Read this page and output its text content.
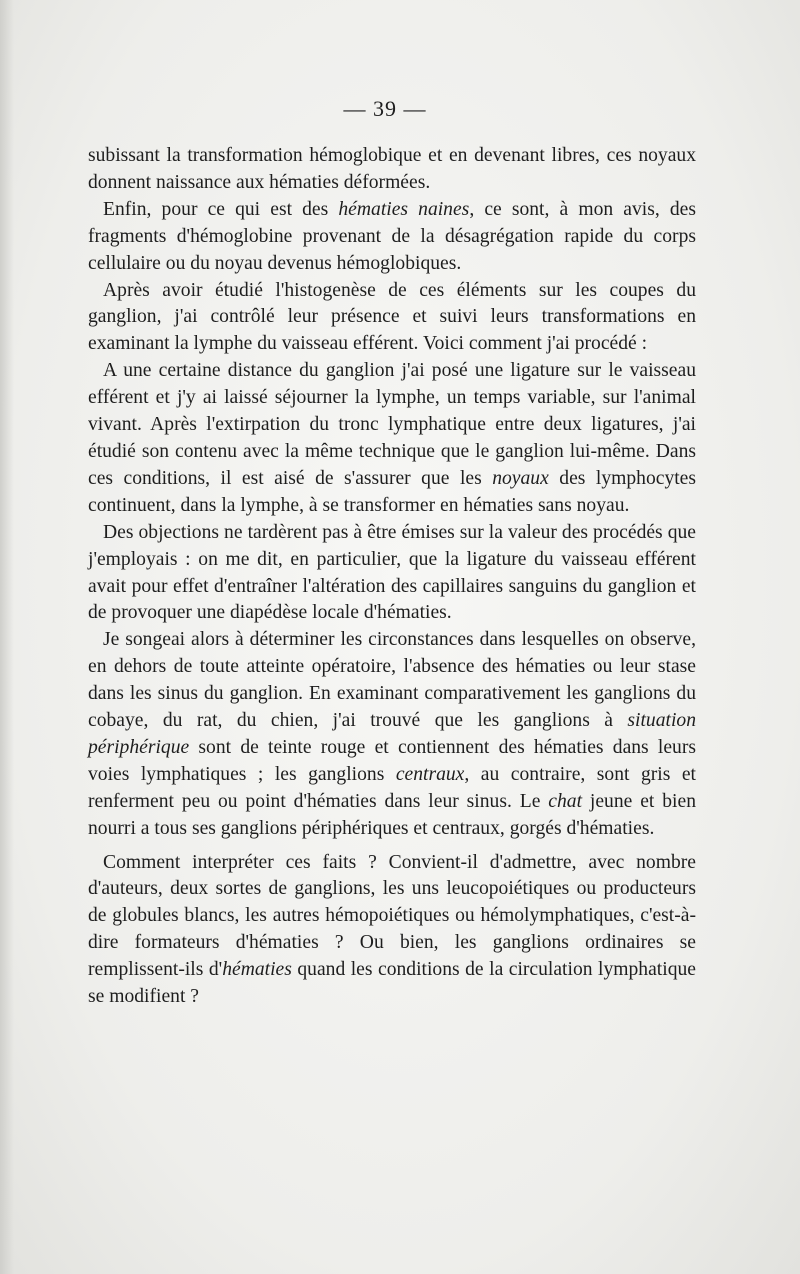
— 39 —

subissant la transformation hémoglobique et en devenant libres, ces noyaux donnent naissance aux hématies déformées.

Enfin, pour ce qui est des hématies naines, ce sont, à mon avis, des fragments d'hémoglobine provenant de la désagrégation rapide du corps cellulaire ou du noyau devenus hémoglobiques.

Après avoir étudié l'histogenèse de ces éléments sur les coupes du ganglion, j'ai contrôlé leur présence et suivi leurs transformations en examinant la lymphe du vaisseau efférent. Voici comment j'ai procédé :

A une certaine distance du ganglion j'ai posé une ligature sur le vaisseau efférent et j'y ai laissé séjourner la lymphe, un temps variable, sur l'animal vivant. Après l'extirpation du tronc lymphatique entre deux ligatures, j'ai étudié son contenu avec la même technique que le ganglion lui-même. Dans ces conditions, il est aisé de s'assurer que les noyaux des lymphocytes continuent, dans la lymphe, à se transformer en hématies sans noyau.

Des objections ne tardèrent pas à être émises sur la valeur des procédés que j'employais : on me dit, en particulier, que la ligature du vaisseau efférent avait pour effet d'entraîner l'altération des capillaires sanguins du ganglion et de provoquer une diapédèse locale d'hématies.

Je songeai alors à déterminer les circonstances dans lesquelles on observe, en dehors de toute atteinte opératoire, l'absence des hématies ou leur stase dans les sinus du ganglion. En examinant comparativement les ganglions du cobaye, du rat, du chien, j'ai trouvé que les ganglions à situation périphérique sont de teinte rouge et contiennent des hématies dans leurs voies lymphatiques ; les ganglions centraux, au contraire, sont gris et renferment peu ou point d'hématies dans leur sinus. Le chat jeune et bien nourri a tous ses ganglions périphériques et centraux, gorgés d'hématies.

Comment interpréter ces faits ? Convient-il d'admettre, avec nombre d'auteurs, deux sortes de ganglions, les uns leucopoiétiques ou producteurs de globules blancs, les autres hémopoiétiques ou hémolymphatiques, c'est-à-dire formateurs d'hématies ? Ou bien, les ganglions ordinaires se remplissent-ils d'hématies quand les conditions de la circulation lymphatique se modifient ?
